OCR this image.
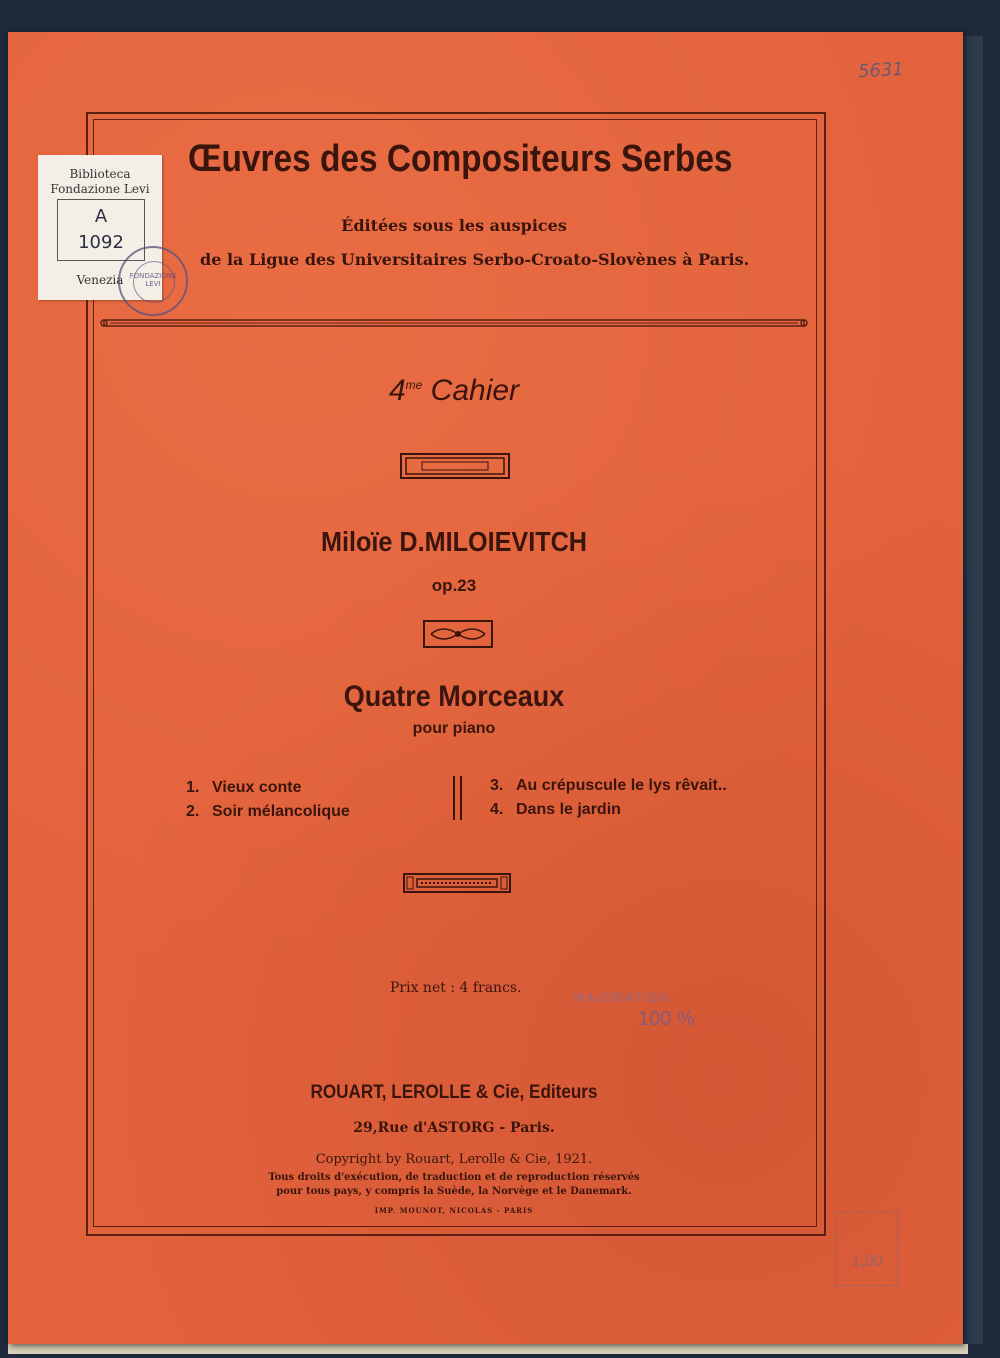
5631
Œuvres des Compositeurs Serbes
Éditées sous les auspices
de la Ligue des Universitaires Serbo-Croato-Slovènes à Paris.
Biblioteca
Fondazione Levi
A
1092
Venezia FONDAZIONE LEVI
$4^{me}$ Cahier
Miloïe D.MILOIEVITCH
op.23
Quatre Morceaux
pour piano
1. Vieux conte
2. Soir mélancolique
3. Au crépuscule le lys rêvait..
4. Dans le jardin
Prix net : 4 francs.
MAJORATION
100 %
ROUART, LEROLLE & Cie, Editeurs
29,Rue d'ASTORG - Paris.
Copyright by Rouart, Lerolle & Cie, 1921.
Tous droits d'exécution, de traduction et de reproduction réservés
pour tous pays, y compris la Suède, la Norvège et le Danemark.
IMP. MOUNOT, NICOLAS - PARIS
1,00
